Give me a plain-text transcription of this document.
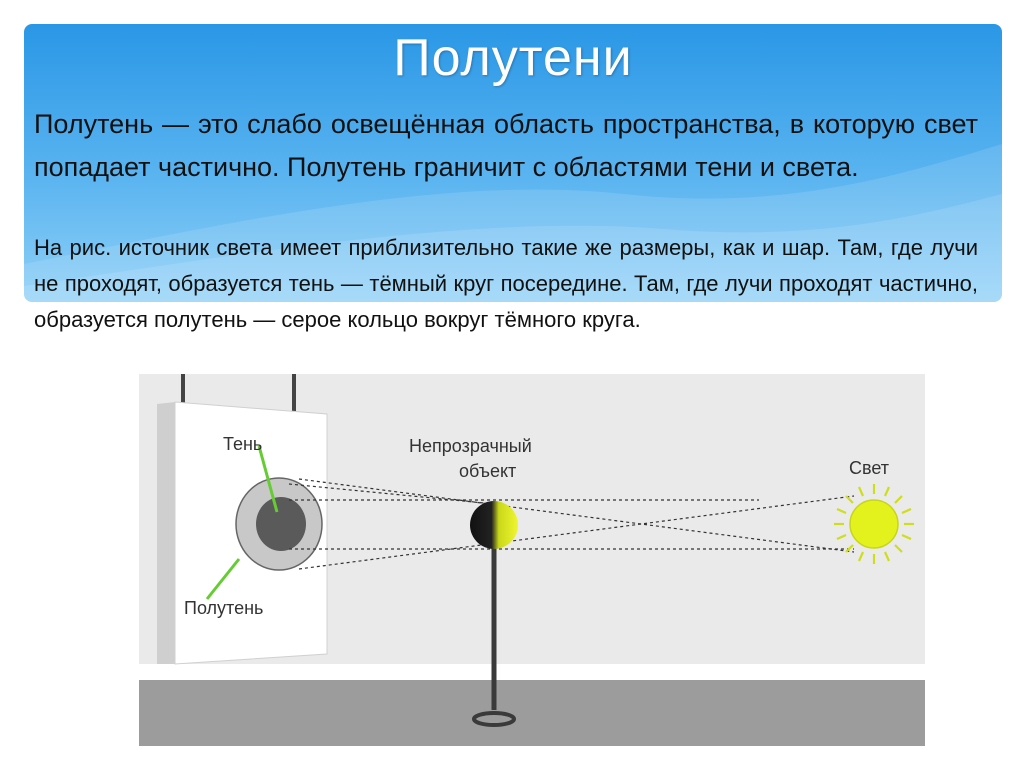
Полутени
Полутень — это слабо освещённая область пространства, в которую свет попадает частично. Полутень граничит с областями тени и света.
На рис. источник света имеет приблизительно такие же размеры, как и шар. Там, где лучи не проходят, образуется тень — тёмный круг посередине. Там, где лучи проходят частично, образуется полутень — серое кольцо вокруг тёмного круга.
Тень
Полутень
Непрозрачный
объект	Свет
